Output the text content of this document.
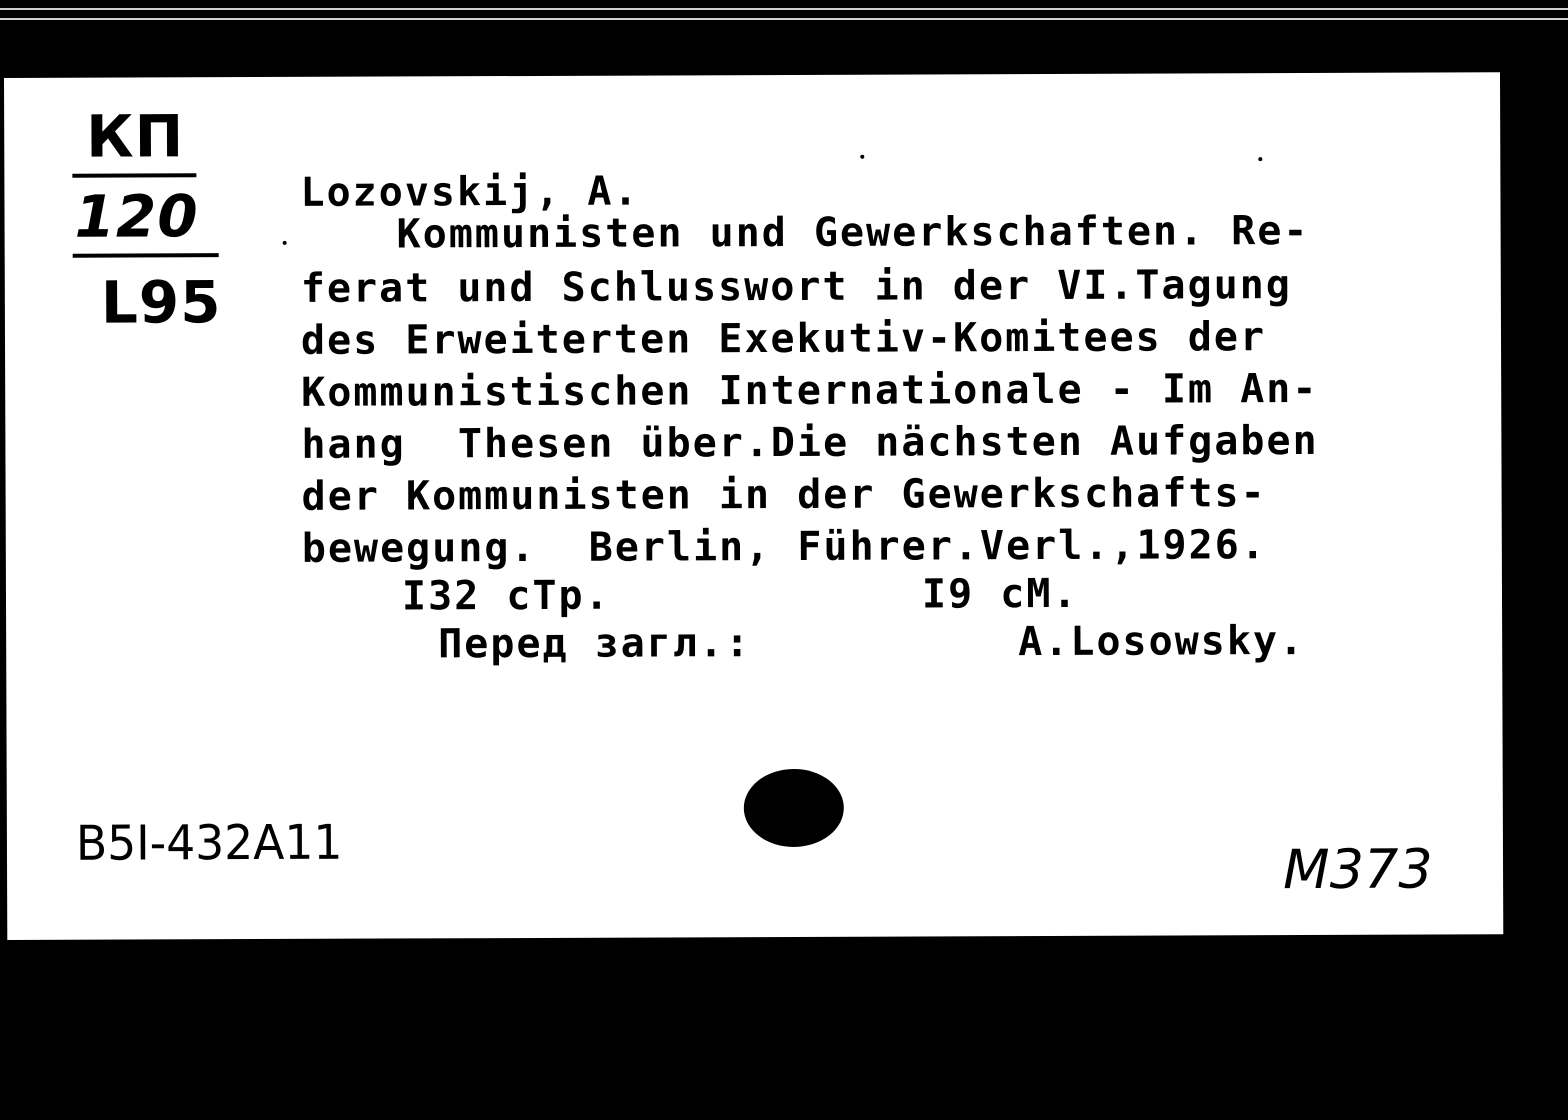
КП
120
L95
Lozovskij, A.
Kommunisten und Gewerkschaften. Re-
ferat und Schlusswort in der VI.Tagung
des Erweiterten Exekutiv-Komitees der
Kommunistischen Internationale - Im An-
hang  Thesen über.Die nächsten Aufgaben
der Kommunisten in der Gewerkschafts-
bewegung.  Berlin, Führer.Verl.,1926.
I32 cTp.	I9 cM.
Перед загл.:	A.Losowsky.
B5I-432A11	M373
